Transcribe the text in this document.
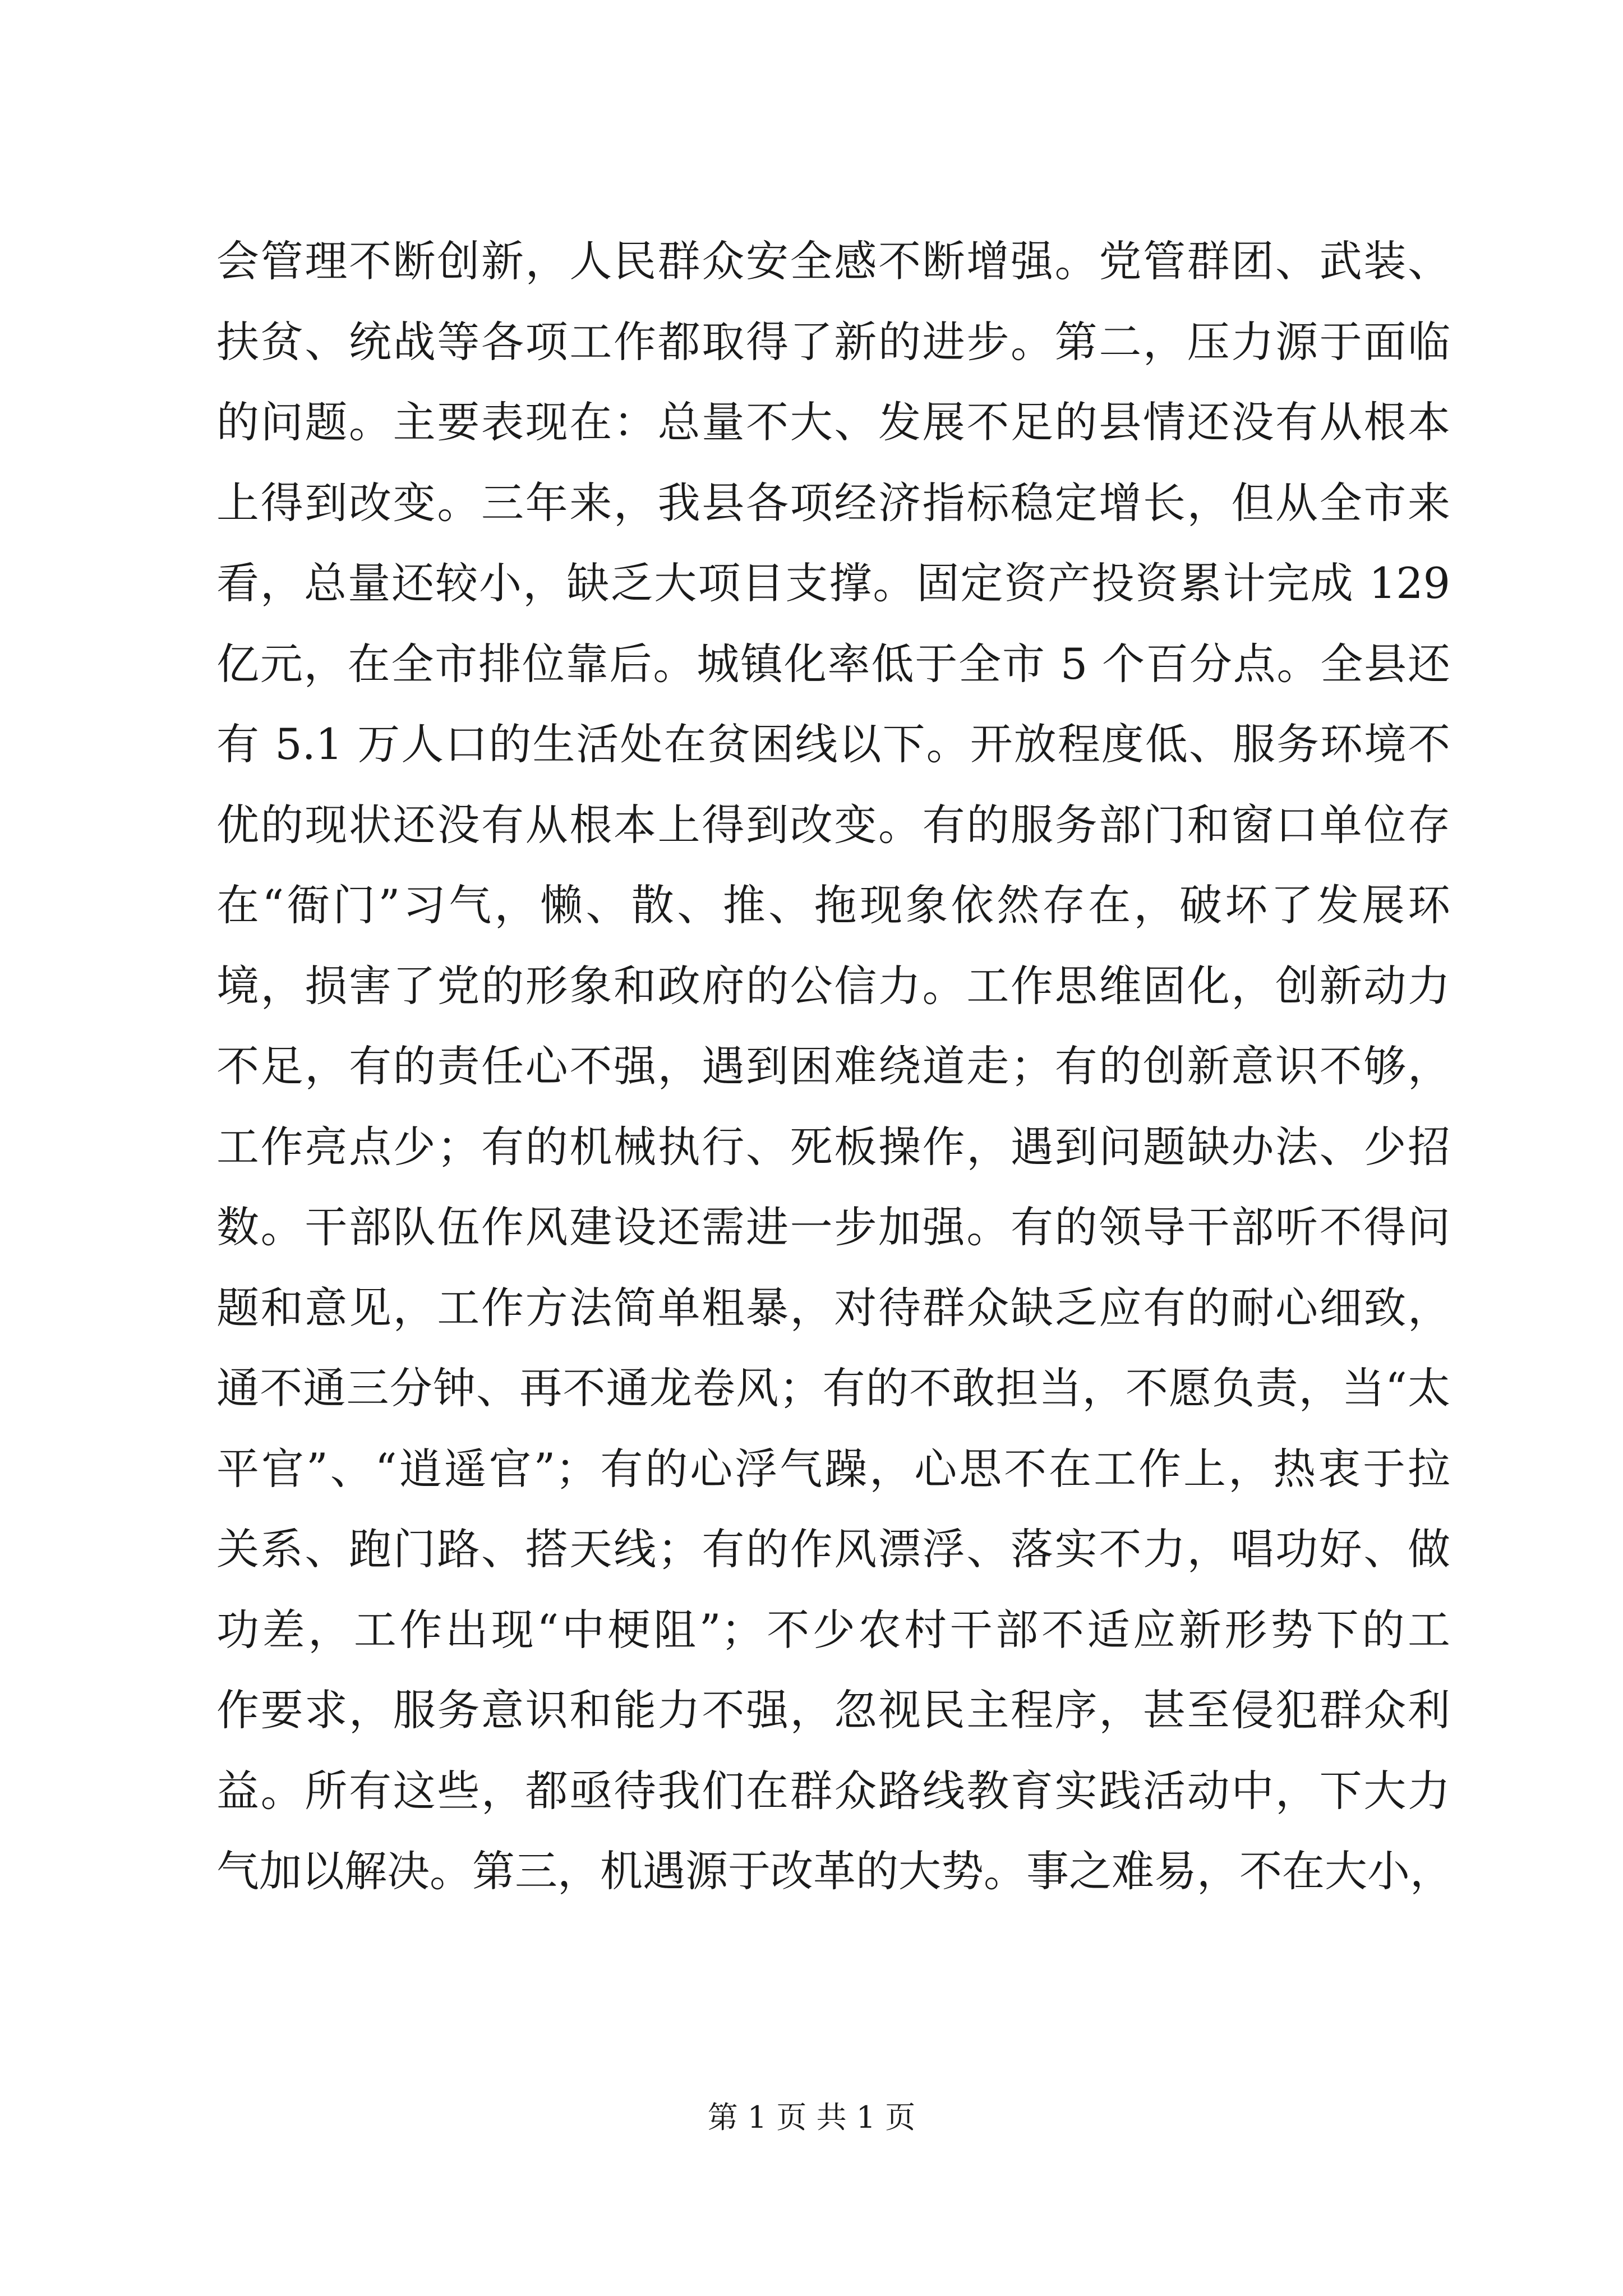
会管理不断创新，人民群众安全感不断增强。党管群团、武装、
扶贫、统战等各项工作都取得了新的进步。第二，压力源于面临
的问题。主要表现在：总量不大、发展不足的县情还没有从根本
上得到改变。三年来，我县各项经济指标稳定增长，但从全市来
看，总量还较小，缺乏大项目支撑。固定资产投资累计完成 129
亿元，在全市排位靠后。城镇化率低于全市 5 个百分点。全县还
有 5.1 万人口的生活处在贫困线以下。开放程度低、服务环境不
优的现状还没有从根本上得到改变。有的服务部门和窗口单位存
在“衙门”习气，懒、散、推、拖现象依然存在，破坏了发展环
境，损害了党的形象和政府的公信力。工作思维固化，创新动力
不足，有的责任心不强，遇到困难绕道走；有的创新意识不够，
工作亮点少；有的机械执行、死板操作，遇到问题缺办法、少招
数。干部队伍作风建设还需进一步加强。有的领导干部听不得问
题和意见，工作方法简单粗暴，对待群众缺乏应有的耐心细致，
通不通三分钟、再不通龙卷风；有的不敢担当，不愿负责，当“太
平官”、“逍遥官”；有的心浮气躁，心思不在工作上，热衷于拉
关系、跑门路、搭天线；有的作风漂浮、落实不力，唱功好、做
功差，工作出现“中梗阻”；不少农村干部不适应新形势下的工
作要求，服务意识和能力不强，忽视民主程序，甚至侵犯群众利
益。所有这些，都亟待我们在群众路线教育实践活动中，下大力
气加以解决。第三，机遇源于改革的大势。事之难易，不在大小，
第 1 页 共 1 页
